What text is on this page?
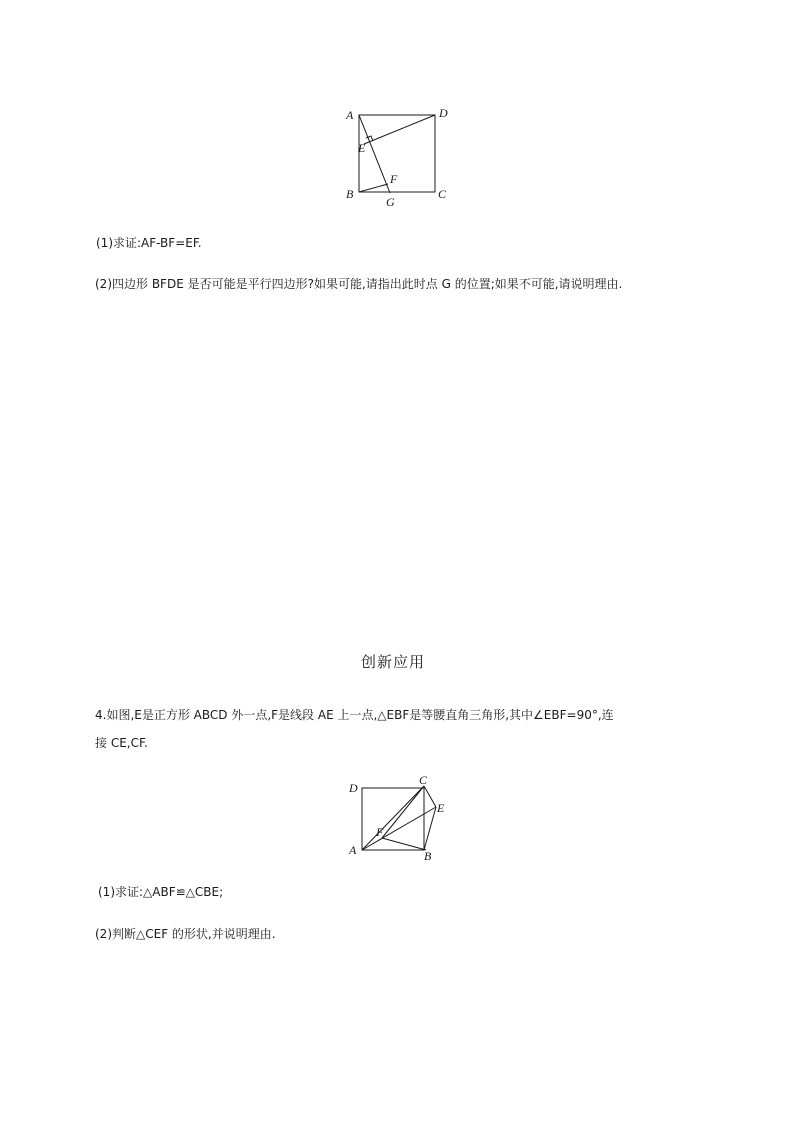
A	D
E
F
B
G
C
(1)求证:AF-BF=EF.
(2)四边形 BFDE 是否可能是平行四边形?如果可能,请指出此时点 G 的位置;如果不可能,请说明理由.
创新应用
4.如图,E是正方形 ABCD 外一点,F是线段 AE 上一点,△EBF是等腰直角三角形,其中∠EBF=90°,连
接 CE,CF.
D
C
E
F
A	B
(1)求证:△ABF≌△CBE;
(2)判断△CEF 的形状,并说明理由.
